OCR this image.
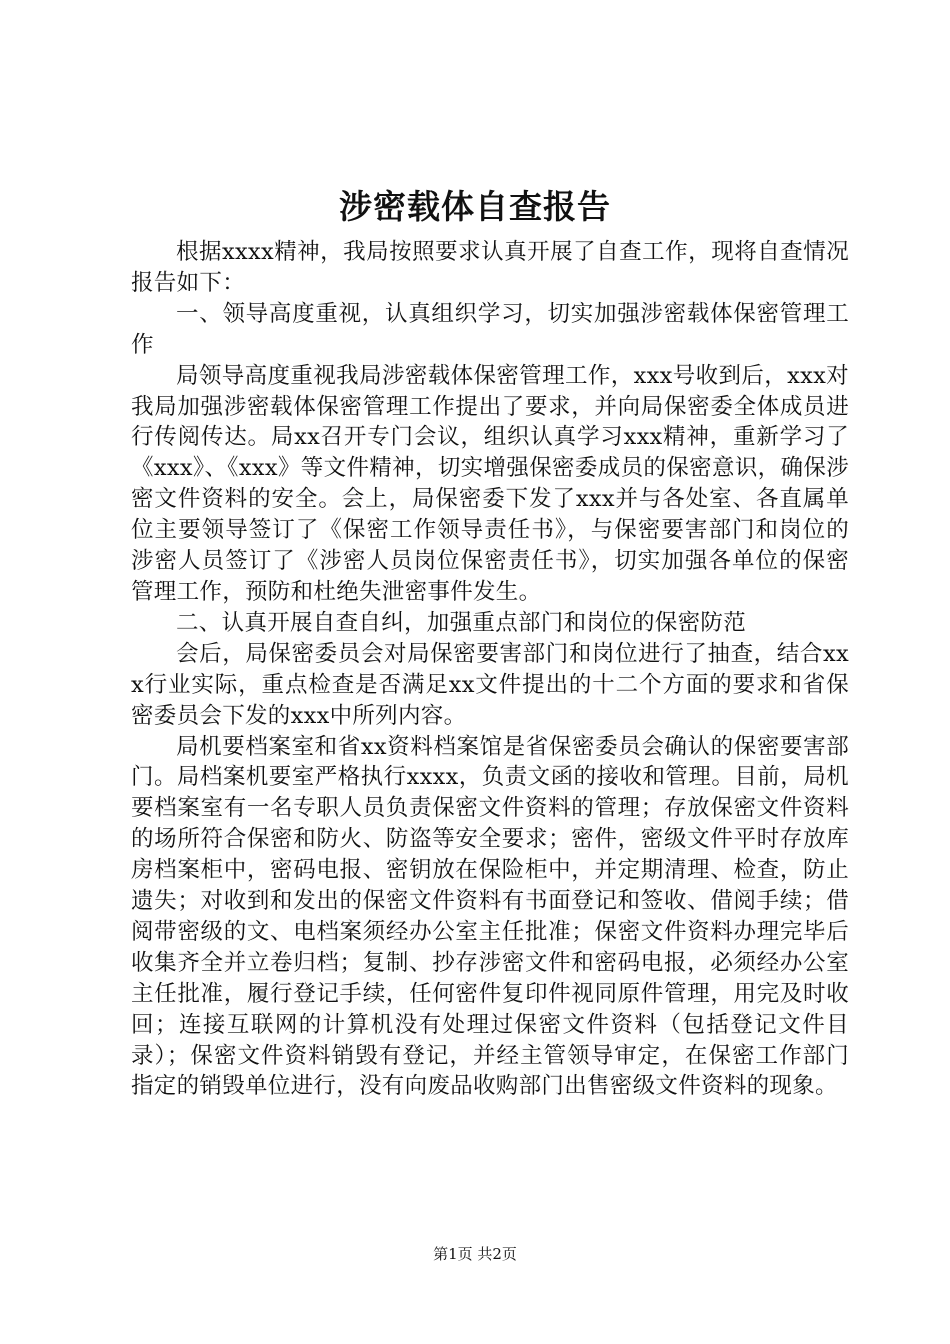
涉密载体自查报告

根据xxxx精神，我局按照要求认真开展了自查工作，现将自查情况报告如下：

一、领导高度重视，认真组织学习，切实加强涉密载体保密管理工作

局领导高度重视我局涉密载体保密管理工作，xxx号收到后，xxx对我局加强涉密载体保密管理工作提出了要求，并向局保密委全体成员进行传阅传达。局xx召开专门会议，组织认真学习xxx精神，重新学习了《xxx》、《xxx》等文件精神，切实增强保密委成员的保密意识，确保涉密文件资料的安全。会上，局保密委下发了xxx并与各处室、各直属单位主要领导签订了《保密工作领导责任书》，与保密要害部门和岗位的涉密人员签订了《涉密人员岗位保密责任书》，切实加强各单位的保密管理工作，预防和杜绝失泄密事件发生。

二、认真开展自查自纠，加强重点部门和岗位的保密防范

会后，局保密委员会对局保密要害部门和岗位进行了抽查，结合xxx行业实际，重点检查是否满足xx文件提出的十二个方面的要求和省保密委员会下发的xxx中所列内容。

局机要档案室和省xx资料档案馆是省保密委员会确认的保密要害部门。局档案机要室严格执行xxxx，负责文函的接收和管理。目前，局机要档案室有一名专职人员负责保密文件资料的管理；存放保密文件资料的场所符合保密和防火、防盗等安全要求；密件，密级文件平时存放库房档案柜中，密码电报、密钥放在保险柜中，并定期清理、检查，防止遗失；对收到和发出的保密文件资料有书面登记和签收、借阅手续；借阅带密级的文、电档案须经办公室主任批准；保密文件资料办理完毕后收集齐全并立卷归档；复制、抄存涉密文件和密码电报，必须经办公室主任批准，履行登记手续，任何密件复印件视同原件管理，用完及时收回；连接互联网的计算机没有处理过保密文件资料（包括登记文件目录）；保密文件资料销毁有登记，并经主管领导审定，在保密工作部门指定的销毁单位进行，没有向废品收购部门出售密级文件资料的现象。

第1页 共2页
